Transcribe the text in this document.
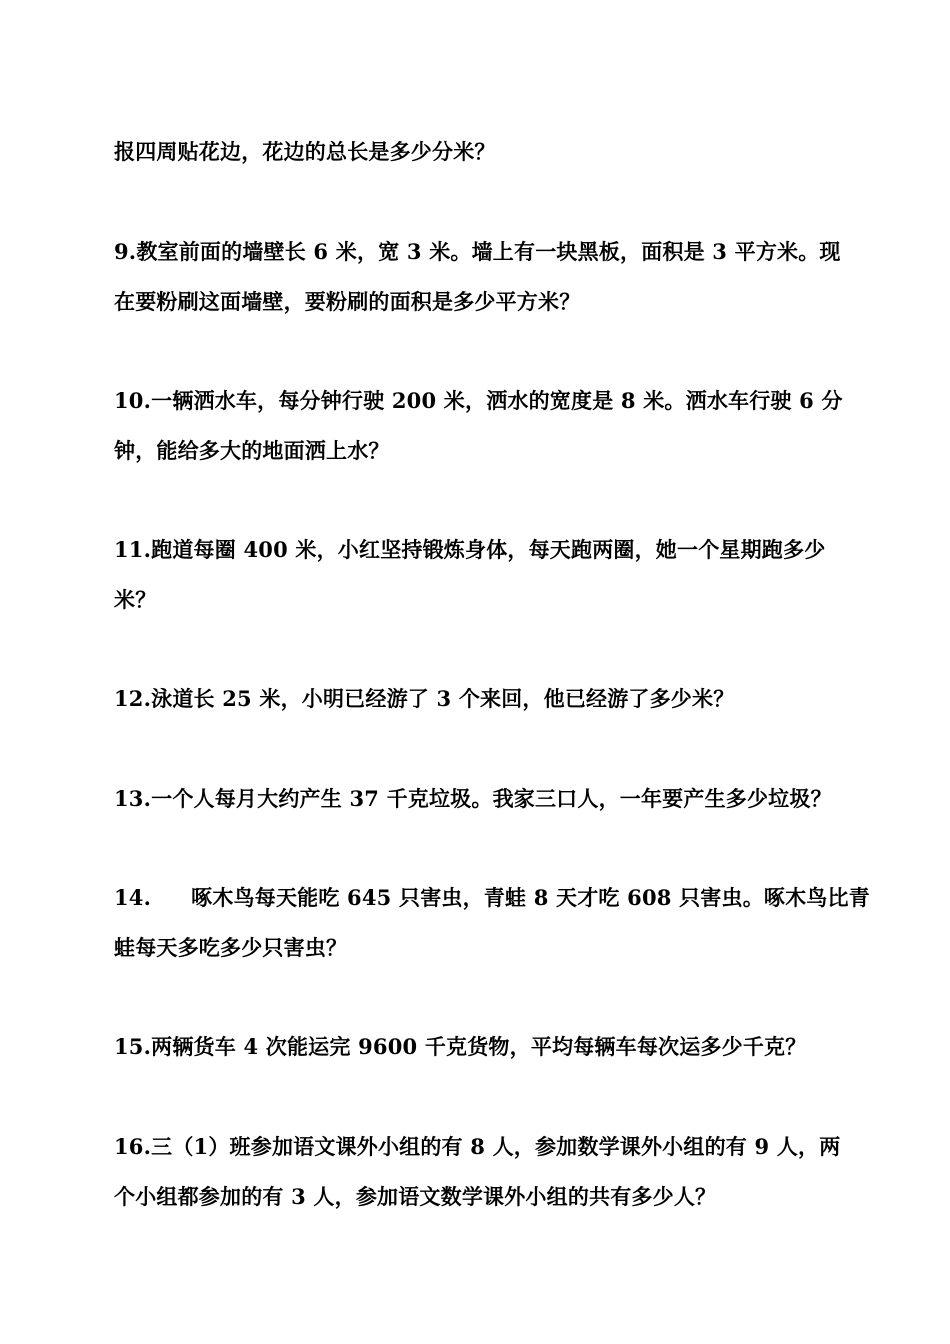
报四周贴花边，花边的总长是多少分米？
9.教室前面的墙壁长 6 米，宽 3 米。墙上有一块黑板，面积是 3 平方米。现
在要粉刷这面墙壁，要粉刷的面积是多少平方米？
10.一辆洒水车，每分钟行驶 200 米，洒水的宽度是 8 米。洒水车行驶 6 分
钟，能给多大的地面洒上水？
11.跑道每圈 400 米，小红坚持锻炼身体，每天跑两圈，她一个星期跑多少
米？
12.泳道长 25 米，小明已经游了 3 个来回，他已经游了多少米？
13.一个人每月大约产生 37 千克垃圾。我家三口人，一年要产生多少垃圾？
14. 啄木鸟每天能吃 645 只害虫，青蛙 8 天才吃 608 只害虫。啄木鸟比青
蛙每天多吃多少只害虫？
15.两辆货车 4 次能运完 9600 千克货物，平均每辆车每次运多少千克？
16.三（1）班参加语文课外小组的有 8 人，参加数学课外小组的有 9 人，两
个小组都参加的有 3 人，参加语文数学课外小组的共有多少人？
